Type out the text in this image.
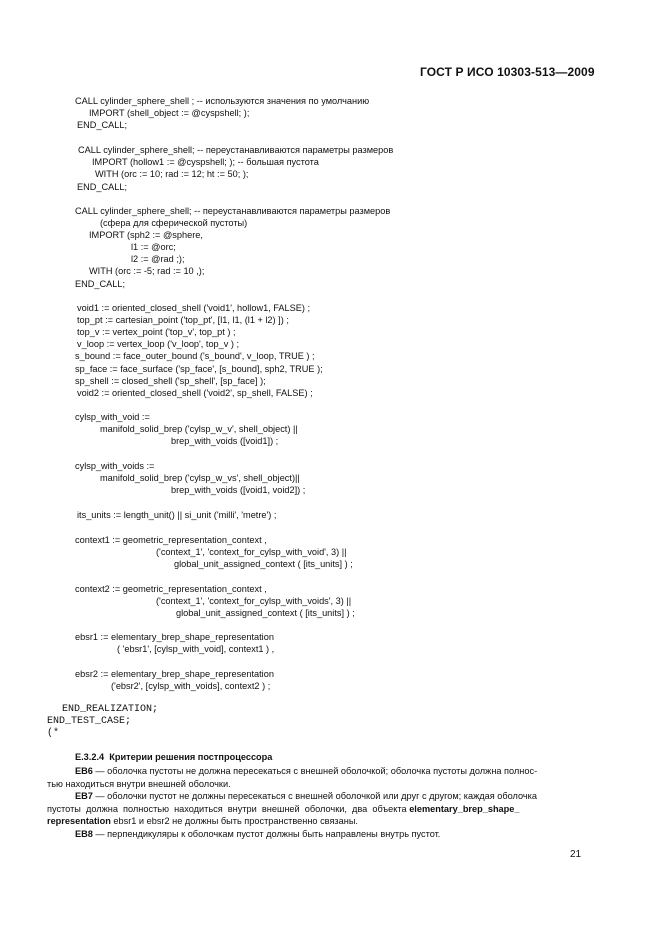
ГОСТ Р ИСО 10303-513—2009
CALL cylinder_sphere_shell ; -- используются значения по умолчанию
IMPORT (shell_object := @cyspshell; );
END_CALL;
CALL cylinder_sphere_shell; -- переустанавливаются параметры размеров
IMPORT (hollow1 := @cyspshell; ); -- большая пустота
WITH (orc := 10; rad := 12; ht := 50; );
END_CALL;
CALL cylinder_sphere_shell; -- переустанавливаются параметры размеров
(сфера для сферической пустоты)
IMPORT (sph2 := @sphere,
l1 := @orc;
l2 := @rad ;);
WITH (orc := -5; rad := 10 ,);
END_CALL;
void1 := oriented_closed_shell ('void1', hollow1, FALSE) ;
top_pt := cartesian_point ('top_pt', [l1, l1, (l1 + l2) ]) ;
top_v := vertex_point ('top_v', top_pt ) ;
v_loop := vertex_loop ('v_loop', top_v ) ;
s_bound := face_outer_bound ('s_bound', v_loop, TRUE ) ;
sp_face := face_surface ('sp_face', [s_bound], sph2, TRUE );
sp_shell := closed_shell ('sp_shell', [sp_face] );
void2 := oriented_closed_shell ('void2', sp_shell, FALSE) ;
cylsp_with_void :=
manifold_solid_brep ('cylsp_w_v', shell_object) ||
brep_with_voids ([void1]) ;
cylsp_with_voids :=
manifold_solid_brep ('cylsp_w_vs', shell_object)||
brep_with_voids ([void1, void2]) ;
its_units := length_unit() || si_unit ('milli', 'metre') ;
context1 := geometric_representation_context ,
('context_1', 'context_for_cylsp_with_void', 3) ||
global_unit_assigned_context ( [its_units] ) ;
context2 := geometric_representation_context ,
('context_1', 'context_for_cylsp_with_voids', 3) ||
global_unit_assigned_context ( [its_units] ) ;
ebsr1 := elementary_brep_shape_representation
( 'ebsr1', [cylsp_with_void], context1 ) ,
ebsr2 := elementary_brep_shape_representation
('ebsr2', [cylsp_with_voids], context2 ) ;
END_REALIZATION;
END_TEST_CASE;
(*
E.3.2.4 Критерии решения постпроцессора
EB6 — оболочка пустоты не должна пересекаться с внешней оболочкой; оболочка пустоты должна полнос-
тью находиться внутри внешней оболочки.
EB7 — оболочки пустот не должны пересекаться с внешней оболочкой или друг с другом; каждая оболочка
пустоты  должна  полностью  находиться  внутри  внешней  оболочки,  два  объекта elementary_brep_shape_
representation ebsr1 и ebsr2 не должны быть пространственно связаны.
EB8 — перпендикуляры к оболочкам пустот должны быть направлены внутрь пустот.
21
